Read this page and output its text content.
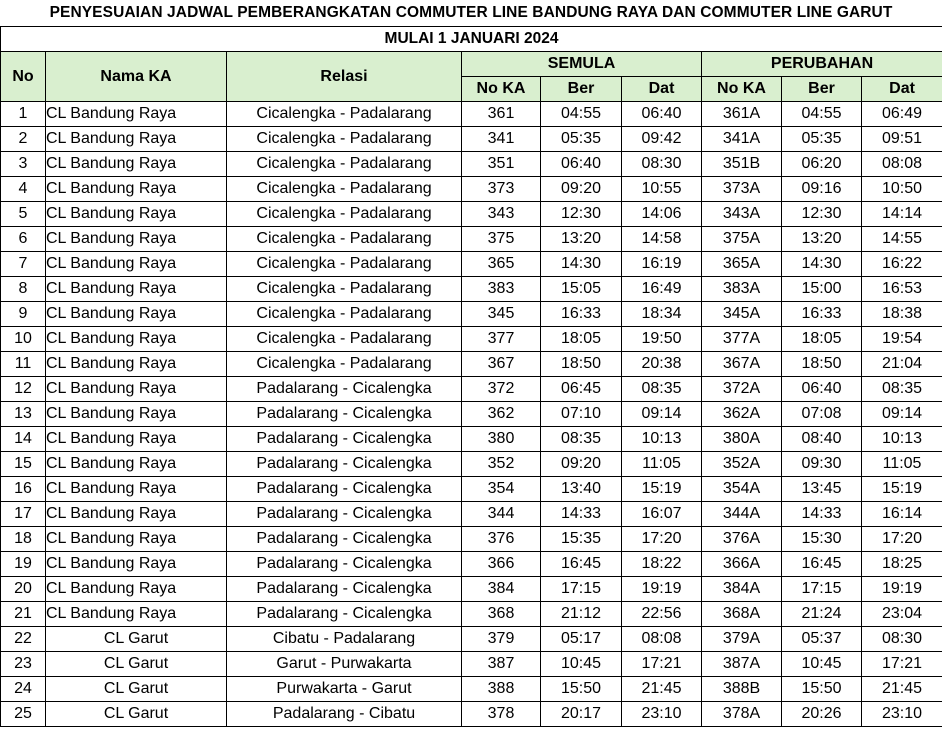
PENYESUAIAN JADWAL PEMBERANGKATAN COMMUTER LINE BANDUNG RAYA DAN COMMUTER LINE GARUT
MULAI 1 JANUARI 2024								
No	Nama KA	Relasi	SEMULA			PERUBAHAN		
			No KA	Ber	Dat	No KA	Ber	Dat
1	CL Bandung Raya	Cicalengka - Padalarang	361	04:55	06:40	361A	04:55	06:49
2	CL Bandung Raya	Cicalengka - Padalarang	341	05:35	09:42	341A	05:35	09:51
3	CL Bandung Raya	Cicalengka - Padalarang	351	06:40	08:30	351B	06:20	08:08
4	CL Bandung Raya	Cicalengka - Padalarang	373	09:20	10:55	373A	09:16	10:50
5	CL Bandung Raya	Cicalengka - Padalarang	343	12:30	14:06	343A	12:30	14:14
6	CL Bandung Raya	Cicalengka - Padalarang	375	13:20	14:58	375A	13:20	14:55
7	CL Bandung Raya	Cicalengka - Padalarang	365	14:30	16:19	365A	14:30	16:22
8	CL Bandung Raya	Cicalengka - Padalarang	383	15:05	16:49	383A	15:00	16:53
9	CL Bandung Raya	Cicalengka - Padalarang	345	16:33	18:34	345A	16:33	18:38
10	CL Bandung Raya	Cicalengka - Padalarang	377	18:05	19:50	377A	18:05	19:54
11	CL Bandung Raya	Cicalengka - Padalarang	367	18:50	20:38	367A	18:50	21:04
12	CL Bandung Raya	Padalarang - Cicalengka	372	06:45	08:35	372A	06:40	08:35
13	CL Bandung Raya	Padalarang - Cicalengka	362	07:10	09:14	362A	07:08	09:14
14	CL Bandung Raya	Padalarang - Cicalengka	380	08:35	10:13	380A	08:40	10:13
15	CL Bandung Raya	Padalarang - Cicalengka	352	09:20	11:05	352A	09:30	11:05
16	CL Bandung Raya	Padalarang - Cicalengka	354	13:40	15:19	354A	13:45	15:19
17	CL Bandung Raya	Padalarang - Cicalengka	344	14:33	16:07	344A	14:33	16:14
18	CL Bandung Raya	Padalarang - Cicalengka	376	15:35	17:20	376A	15:30	17:20
19	CL Bandung Raya	Padalarang - Cicalengka	366	16:45	18:22	366A	16:45	18:25
20	CL Bandung Raya	Padalarang - Cicalengka	384	17:15	19:19	384A	17:15	19:19
21	CL Bandung Raya	Padalarang - Cicalengka	368	21:12	22:56	368A	21:24	23:04
22	CL Garut	Cibatu - Padalarang	379	05:17	08:08	379A	05:37	08:30
23	CL Garut	Garut - Purwakarta	387	10:45	17:21	387A	10:45	17:21
24	CL Garut	Purwakarta - Garut	388	15:50	21:45	388B	15:50	21:45
25	CL Garut	Padalarang - Cibatu	378	20:17	23:10	378A	20:26	23:10
